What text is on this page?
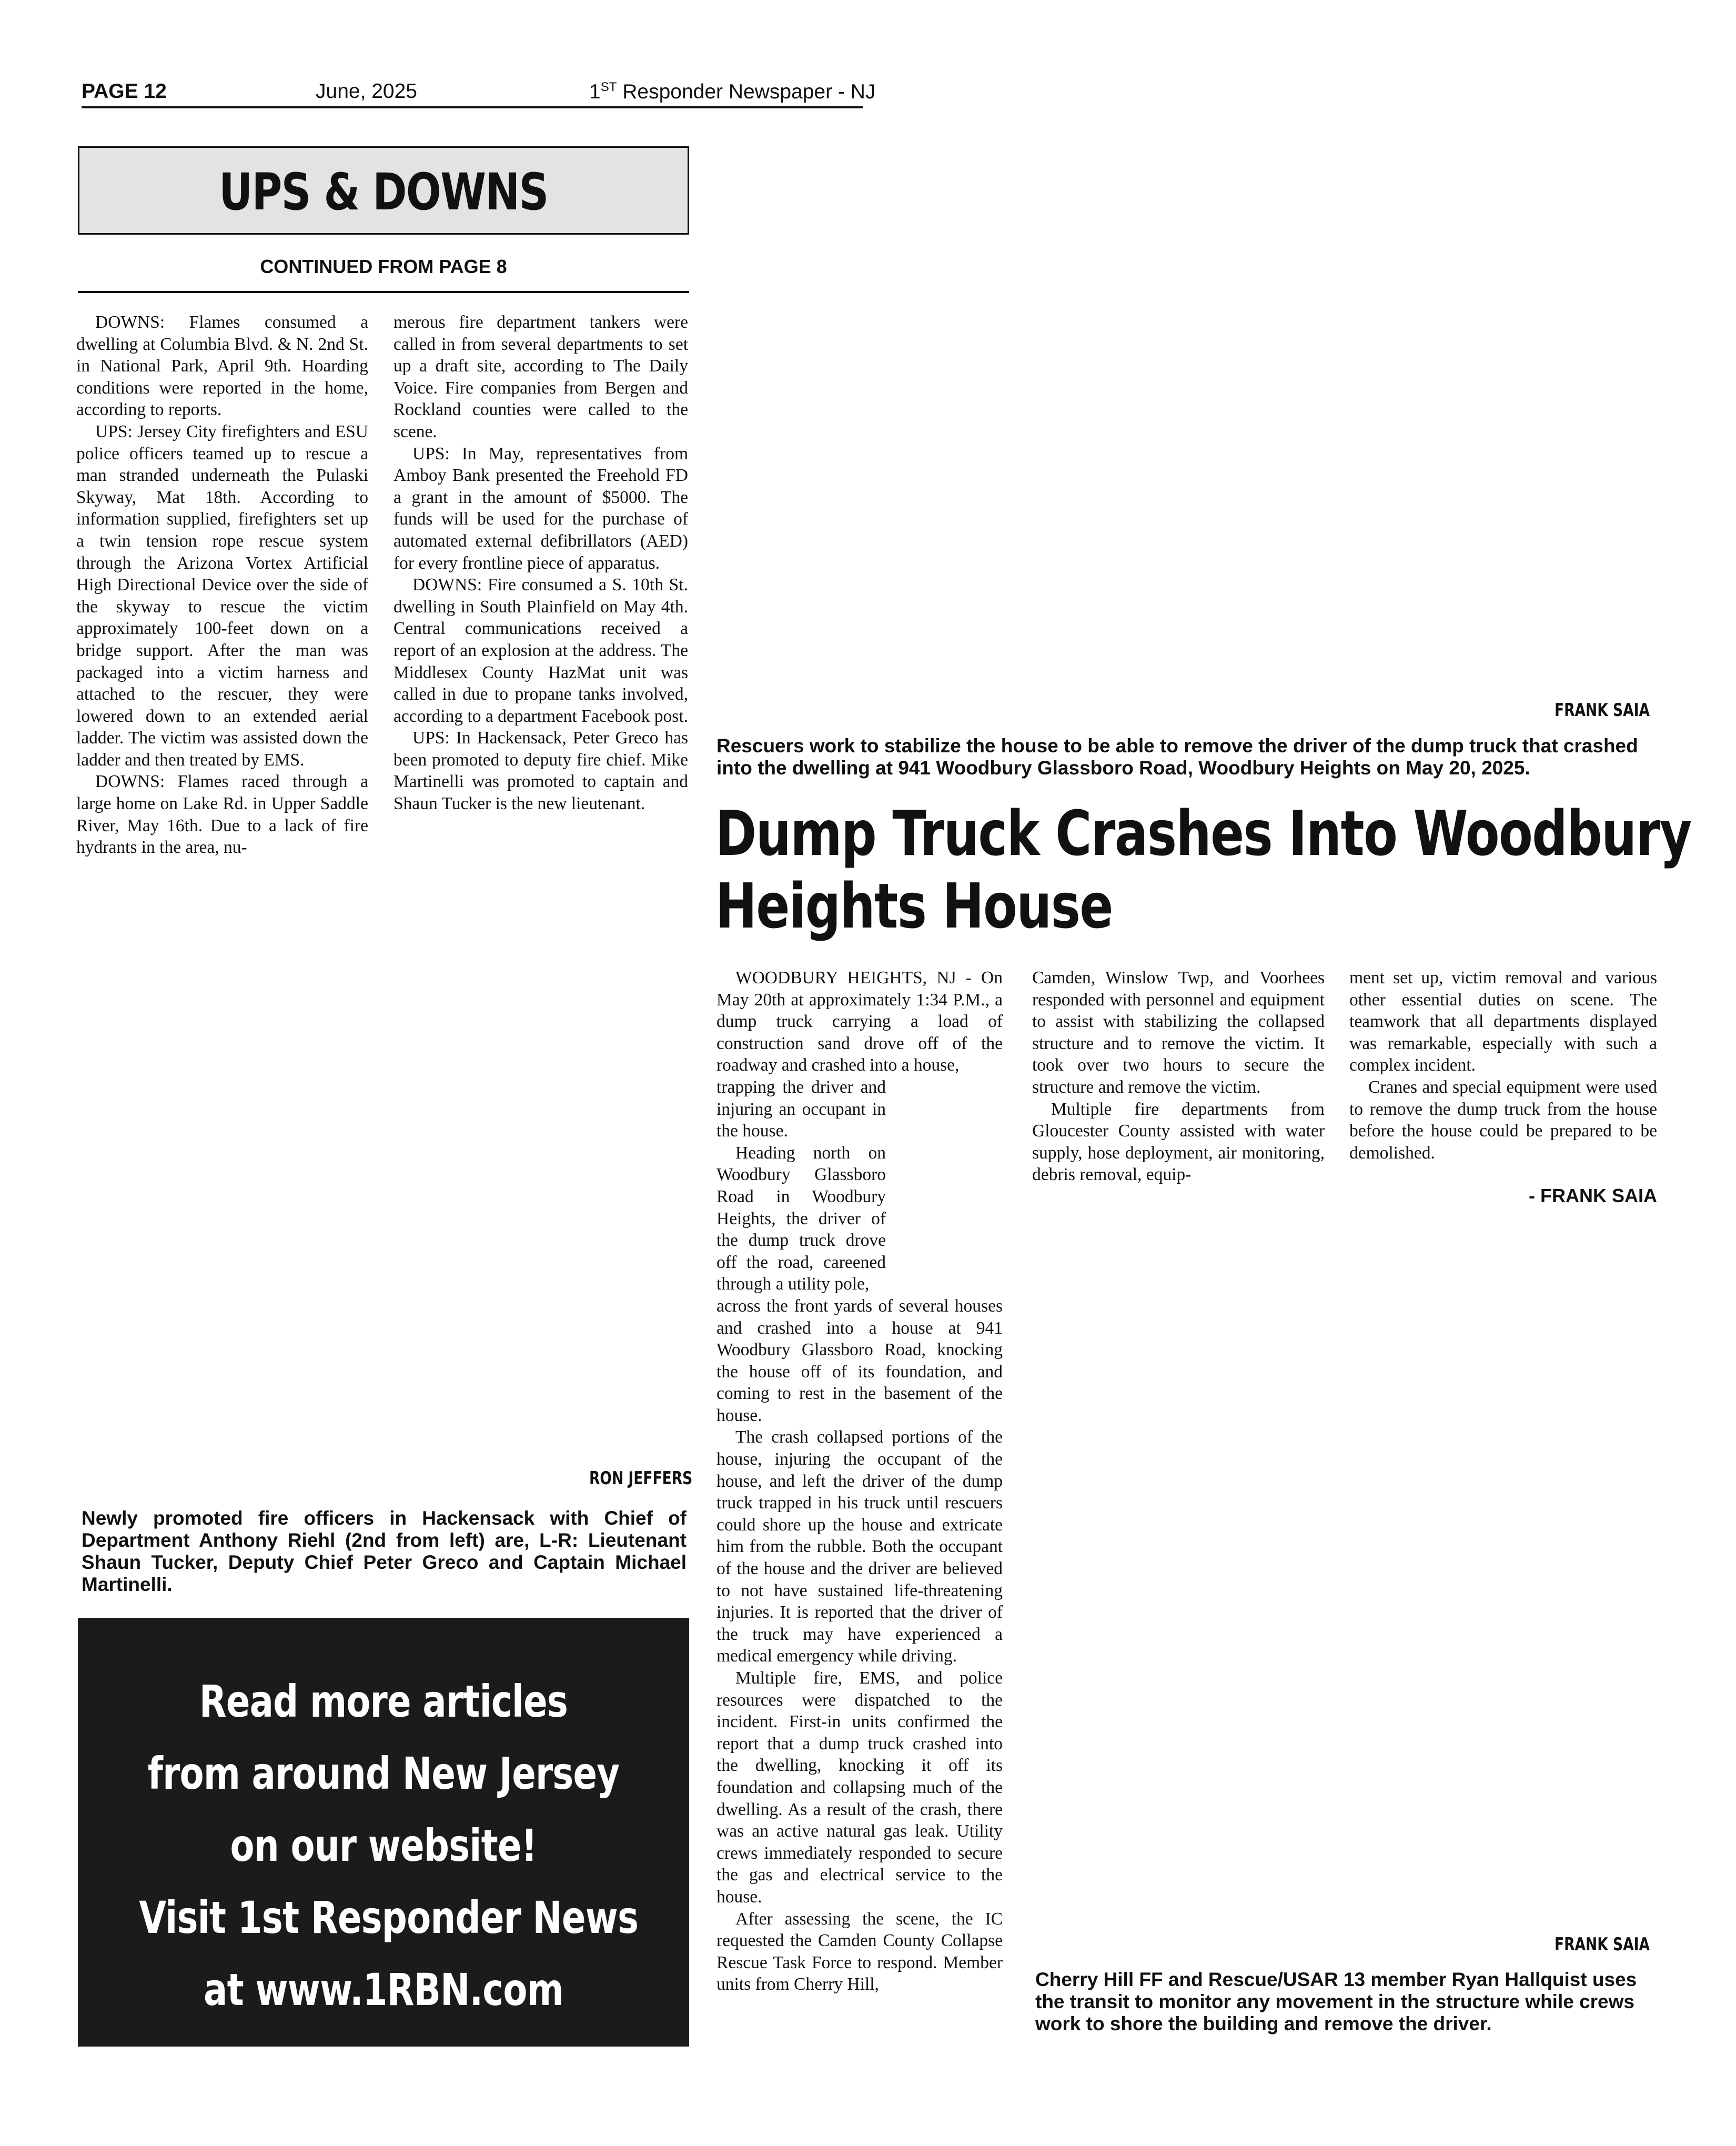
PAGE 12	June, 2025	1ST Responder Newspaper - NJ
UPS & DOWNS
CONTINUED FROM PAGE 8

DOWNS: Flames consumed a dwelling at Columbia Blvd. & N. 2nd St. in National Park, April 9th. Hoarding conditions were reported in the home, according to reports.

UPS: Jersey City firefighters and ESU police officers teamed up to rescue a man stranded underneath the Pulaski Skyway, Mat 18th. According to information supplied, firefighters set up a twin tension rope rescue system through the Arizona Vortex Artificial High Directional Device over the side of the skyway to rescue the victim approximately 100-feet down on a bridge support. After the man was packaged into a victim harness and attached to the rescuer, they were lowered down to an extended aerial ladder. The victim was assisted down the ladder and then treated by EMS.

DOWNS: Flames raced through a large home on Lake Rd. in Upper Saddle River, May 16th. Due to a lack of fire hydrants in the area, nu-

merous fire department tankers were called in from several departments to set up a draft site, according to The Daily Voice. Fire companies from Bergen and Rockland counties were called to the scene.

UPS: In May, representatives from Amboy Bank presented the Freehold FD a grant in the amount of $5000. The funds will be used for the purchase of automated external defibrillators (AED) for every frontline piece of apparatus.

DOWNS: Fire consumed a S. 10th St. dwelling in South Plainfield on May 4th. Central communications received a report of an explosion at the address. The Middlesex County HazMat unit was called in due to propane tanks involved, according to a department Facebook post.

UPS: In Hackensack, Peter Greco has been promoted to deputy fire chief. Mike Martinelli was promoted to captain and Shaun Tucker is the new lieutenant.

RON JEFFERS
Newly promoted fire officers in Hackensack with Chief of Department Anthony Riehl (2nd from left) are, L-R: Lieutenant Shaun Tucker, Deputy Chief Peter Greco and Captain Michael Martinelli.
Read more articles
from around New Jersey
on our website!
Visit 1st Responder News
at www.1RBN.com
FRANK SAIA
Rescuers work to stabilize the house to be able to remove the driver of the dump truck that crashed into the dwelling at 941 Woodbury Glassboro Road, Woodbury Heights on May 20, 2025.
Dump Truck Crashes Into Woodbury
Heights House

WOODBURY HEIGHTS, NJ - On May 20th at approximately 1:34 P.M., a dump truck carrying a load of construction sand drove off of the roadway and crashed into a house,

trapping the driver and injuring an occupant in the house.

Heading north on Woodbury Glassboro Road in Woodbury Heights, the driver of the dump truck drove off the road, careened through a utility pole,

across the front yards of several houses and crashed into a house at 941 Woodbury Glassboro Road, knocking the house off of its foundation, and coming to rest in the basement of the house.

The crash collapsed portions of the house, injuring the occupant of the house, and left the driver of the dump truck trapped in his truck until rescuers could shore up the house and extricate him from the rubble. Both the occupant of the house and the driver are believed to not have sustained life-threatening injuries. It is reported that the driver of the truck may have experienced a medical emergency while driving.

Multiple fire, EMS, and police resources were dispatched to the incident. First-in units confirmed the report that a dump truck crashed into the dwelling, knocking it off its foundation and collapsing much of the dwelling. As a result of the crash, there was an active natural gas leak. Utility crews immediately responded to secure the gas and electrical service to the house.

After assessing the scene, the IC requested the Camden County Collapse Rescue Task Force to respond. Member units from Cherry Hill,

Camden, Winslow Twp, and Voorhees responded with personnel and equipment to assist with stabilizing the collapsed structure and to remove the victim. It took over two hours to secure the structure and remove the victim.

Multiple fire departments from Gloucester County assisted with water supply, hose deployment, air monitoring, debris removal, equip-

ment set up, victim removal and various other essential duties on scene. The teamwork that all departments displayed was remarkable, especially with such a complex incident.

Cranes and special equipment were used to remove the dump truck from the house before the house could be prepared to be demolished.

- FRANK SAIA
FRANK SAIA
Cherry Hill FF and Rescue/USAR 13 member Ryan Hallquist uses the transit to monitor any movement in the structure while crews work to shore the building and remove the driver.
